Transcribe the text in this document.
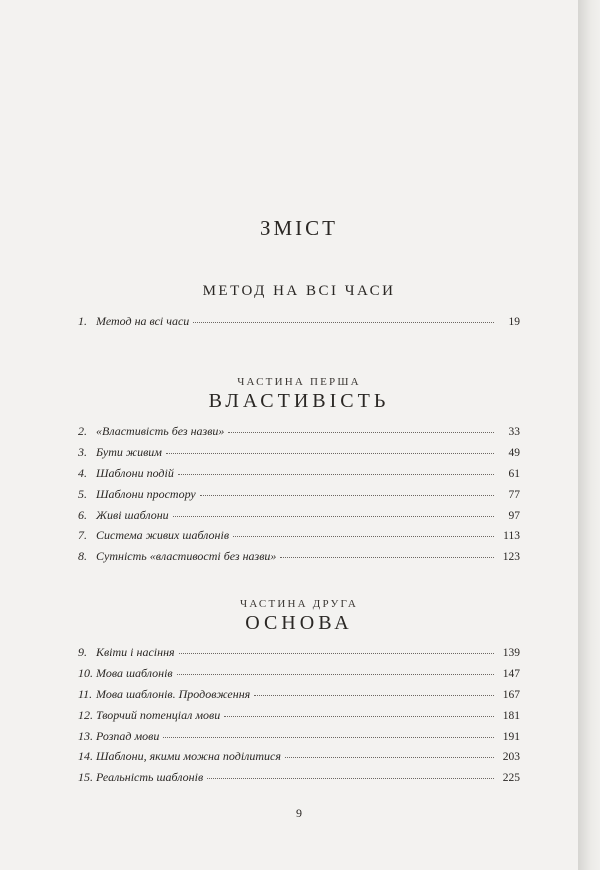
ЗМІСТ
МЕТОД НА ВСІ ЧАСИ
1. Метод на всі часи	19
ЧАСТИНА ПЕРША
ВЛАСТИВІСТЬ
2. «Властивість без назви»	33
3. Бути живим	49
4. Шаблони подій	61
5. Шаблони простору	77
6. Живі шаблони	97
7. Система живих шаблонів	113
8. Сутність «властивості без назви»	123
ЧАСТИНА ДРУГА
ОСНОВА
9. Квіти і насіння	139
10. Мова шаблонів	147
11. Мова шаблонів. Продовження	167
12. Творчий потенціал мови	181
13. Розпад мови	191
14. Шаблони, якими можна поділитися	203
15. Реальність шаблонів	225
9
